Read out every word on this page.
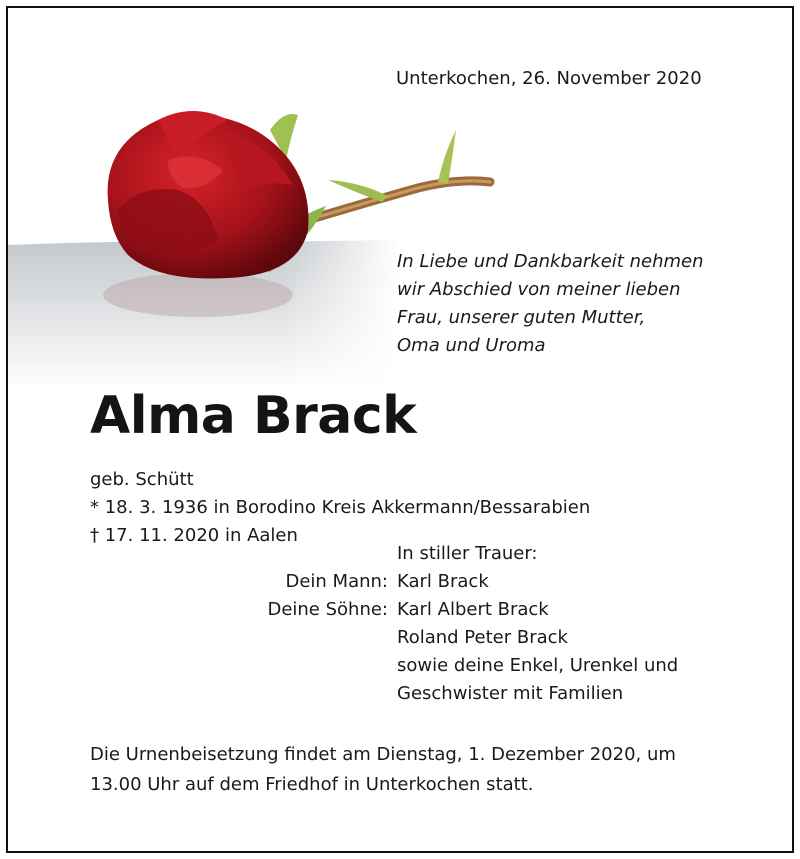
Unterkochen, 26. November 2020
In Liebe und Dankbarkeit nehmen
wir Abschied von meiner lieben
Frau, unserer guten Mutter,
Oma und Uroma
Alma Brack
geb. Schütt
* 18. 3. 1936 in Borodino Kreis Akkermann/Bessarabien
† 17. 11. 2020 in Aalen
Dein Mann:
Deine Söhne:
In stiller Trauer:
Karl Brack
Karl Albert Brack
Roland Peter Brack
sowie deine Enkel, Urenkel und
Geschwister mit Familien
Die Urnenbeisetzung findet am Dienstag, 1. Dezember 2020, um
13.00 Uhr auf dem Friedhof in Unterkochen statt.
